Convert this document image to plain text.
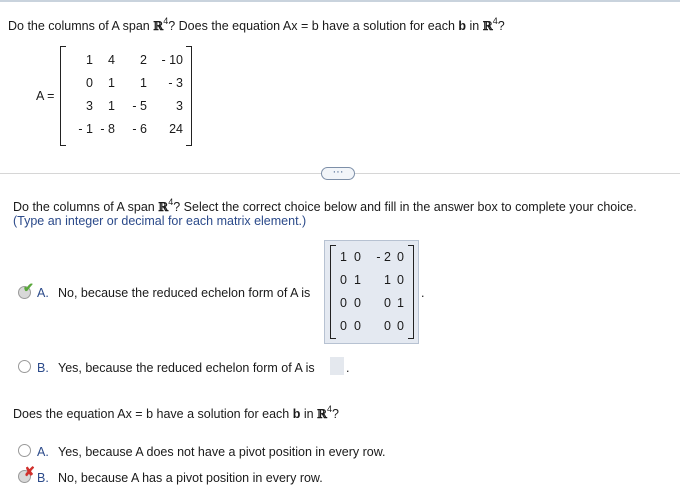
Do the columns of A span ℝ$^4$? Does the equation Ax = b have a solution for each b in ℝ$^4$?
A =
1	4	2	- 10
0	1	1	- 3
3	1	- 5	3
- 1 - 8	- 6	24
···
Do the columns of A span ℝ$^4$? Select the correct choice below and fill in the answer box to complete your choice.
(Type an integer or decimal for each matrix element.)
✔ A. No, because the reduced echelon form of A is
1 0	- 2 0
0 1	1 0
0 0	0 1
0 0	0 0
.
B. Yes, because the reduced echelon form of A is	.
Does the equation Ax = b have a solution for each b in ℝ$^4$?
A. Yes, because A does not have a pivot position in every row.
✘ B. No, because A has a pivot position in every row.
